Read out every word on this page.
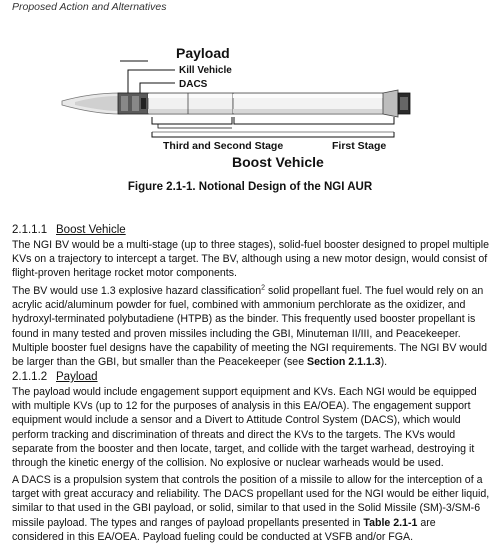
Proposed Action and Alternatives
Payload
Kill Vehicle
DACS
Third and Second Stage	First Stage
Boost Vehicle
Figure 2.1-1. Notional Design of the NGI AUR
2.1.1.1 Boost Vehicle

The NGI BV would be a multi-stage (up to three stages), solid-fuel booster designed to propel multiple KVs on a trajectory to intercept a target. The BV, although using a new motor design, would consist of flight-proven heritage rocket motor components.

The BV would use 1.3 explosive hazard classification$^2$ solid propellant fuel. The fuel would rely on an acrylic acid/aluminum powder for fuel, combined with ammonium perchlorate as the oxidizer, and hydroxyl-terminated polybutadiene (HTPB) as the binder. This frequently used booster propellant is found in many tested and proven missiles including the GBI, Minuteman II/III, and Peacekeeper. Multiple booster fuel designs have the capability of meeting the NGI requirements. The NGI BV would be larger than the GBI, but smaller than the Peacekeeper (see Section 2.1.1.3).

2.1.1.2 Payload

The payload would include engagement support equipment and KVs. Each NGI would be equipped with multiple KVs (up to 12 for the purposes of analysis in this EA/OEA). The engagement support equipment would include a sensor and a Divert to Attitude Control System (DACS), which would perform tracking and discrimination of threats and direct the KVs to the targets. The KVs would separate from the booster and then locate, target, and collide with the target warhead, destroying it through the kinetic energy of the collision. No explosive or nuclear warheads would be used.

A DACS is a propulsion system that controls the position of a missile to allow for the interception of a target with great accuracy and reliability. The DACS propellant used for the NGI would be either liquid, similar to that used in the GBI payload, or solid, similar to that used in the Solid Missile (SM)-3/SM-6 missile payload. The types and ranges of payload propellants presented in Table 2.1-1 are considered in this EA/OEA. Payload fueling could be conducted at VSFB and/or FGA.
